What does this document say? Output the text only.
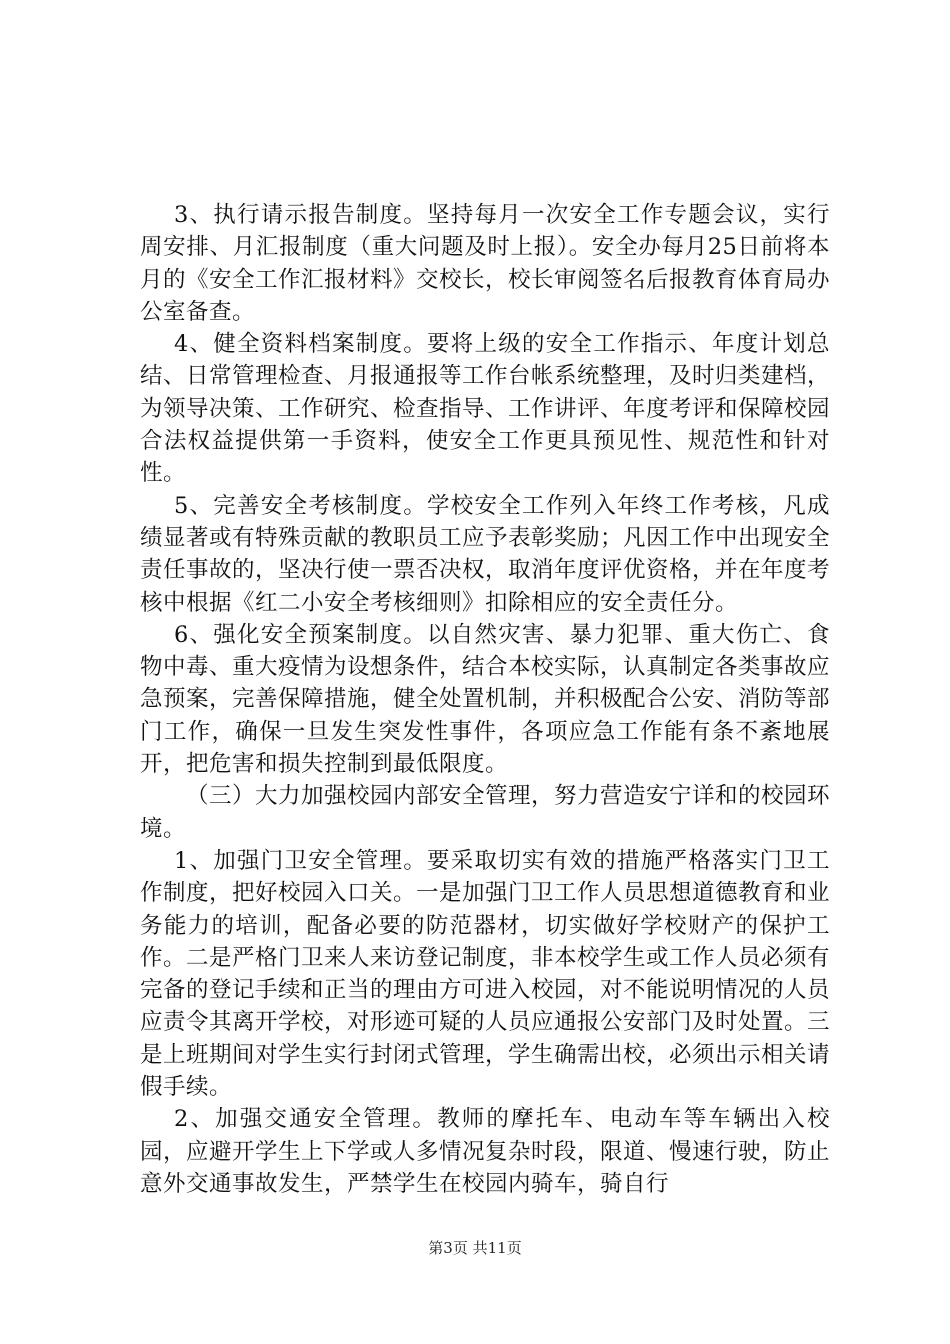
3、执行请示报告制度。坚持每月一次安全工作专题会议，实行周安排、月汇报制度（重大问题及时上报）。安全办每月25日前将本月的《安全工作汇报材料》交校长，校长审阅签名后报教育体育局办公室备查。

4、健全资料档案制度。要将上级的安全工作指示、年度计划总结、日常管理检查、月报通报等工作台帐系统整理，及时归类建档，为领导决策、工作研究、检查指导、工作讲评、年度考评和保障校园合法权益提供第一手资料，使安全工作更具预见性、规范性和针对性。

5、完善安全考核制度。学校安全工作列入年终工作考核，凡成绩显著或有特殊贡献的教职员工应予表彰奖励；凡因工作中出现安全责任事故的，坚决行使一票否决权，取消年度评优资格，并在年度考核中根据《红二小安全考核细则》扣除相应的安全责任分。

6、强化安全预案制度。以自然灾害、暴力犯罪、重大伤亡、食物中毒、重大疫情为设想条件，结合本校实际，认真制定各类事故应急预案，完善保障措施，健全处置机制，并积极配合公安、消防等部门工作，确保一旦发生突发性事件，各项应急工作能有条不紊地展开，把危害和损失控制到最低限度。

（三）大力加强校园内部安全管理，努力营造安宁详和的校园环境。

1、加强门卫安全管理。要采取切实有效的措施严格落实门卫工作制度，把好校园入口关。一是加强门卫工作人员思想道德教育和业务能力的培训，配备必要的防范器材，切实做好学校财产的保护工作。二是严格门卫来人来访登记制度，非本校学生或工作人员必须有完备的登记手续和正当的理由方可进入校园，对不能说明情况的人员应责令其离开学校，对形迹可疑的人员应通报公安部门及时处置。三是上班期间对学生实行封闭式管理，学生确需出校，必须出示相关请假手续。

2、加强交通安全管理。教师的摩托车、电动车等车辆出入校园，应避开学生上下学或人多情况复杂时段，限道、慢速行驶，防止意外交通事故发生，严禁学生在校园内骑车，骑自行

第3页 共11页
